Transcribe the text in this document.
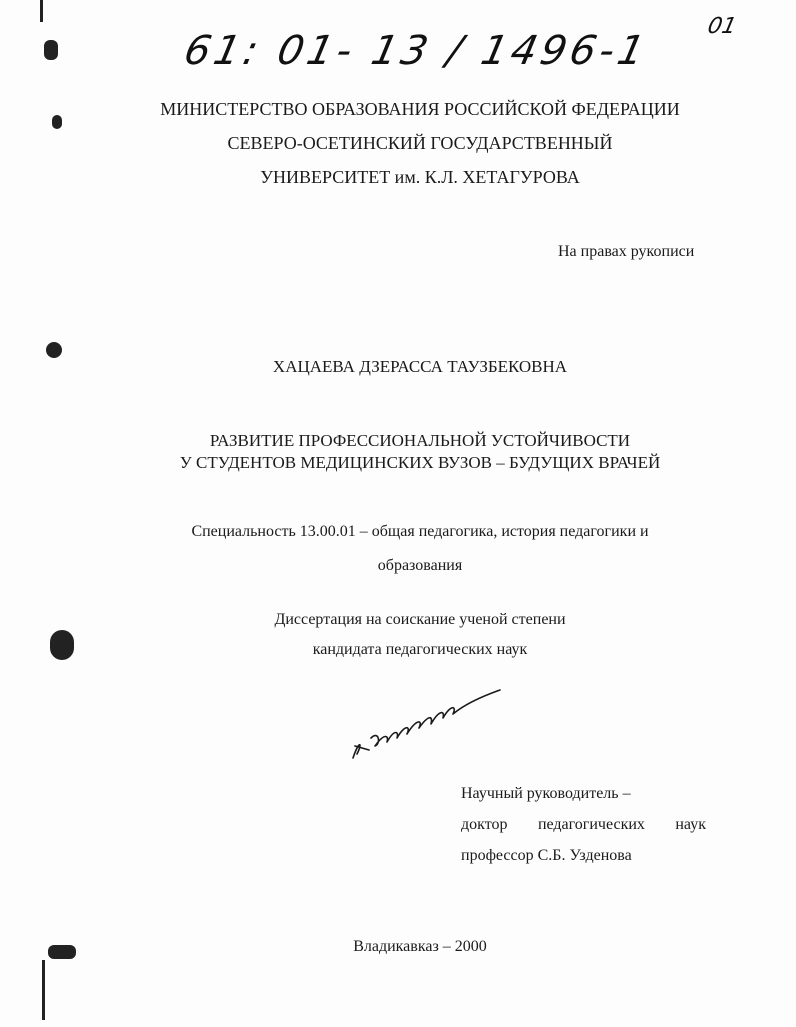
61: 01- 13 / 1496-1
01
МИНИСТЕРСТВО ОБРАЗОВАНИЯ РОССИЙСКОЙ ФЕДЕРАЦИИ
СЕВЕРО-ОСЕТИНСКИЙ ГОСУДАРСТВЕННЫЙ
УНИВЕРСИТЕТ им. К.Л. ХЕТАГУРОВА
На правах рукописи
ХАЦАЕВА ДЗЕРАССА ТАУЗБЕКОВНА
РАЗВИТИЕ ПРОФЕССИОНАЛЬНОЙ УСТОЙЧИВОСТИ
У СТУДЕНТОВ МЕДИЦИНСКИХ ВУЗОВ – БУДУЩИХ ВРАЧЕЙ
Специальность 13.00.01 – общая педагогика, история педагогики и
образования
Диссертация на соискание ученой степени
кандидата педагогических наук
Научный руководитель –
доктор педагогических наук
профессор С.Б. Узденова
Владикавказ – 2000
